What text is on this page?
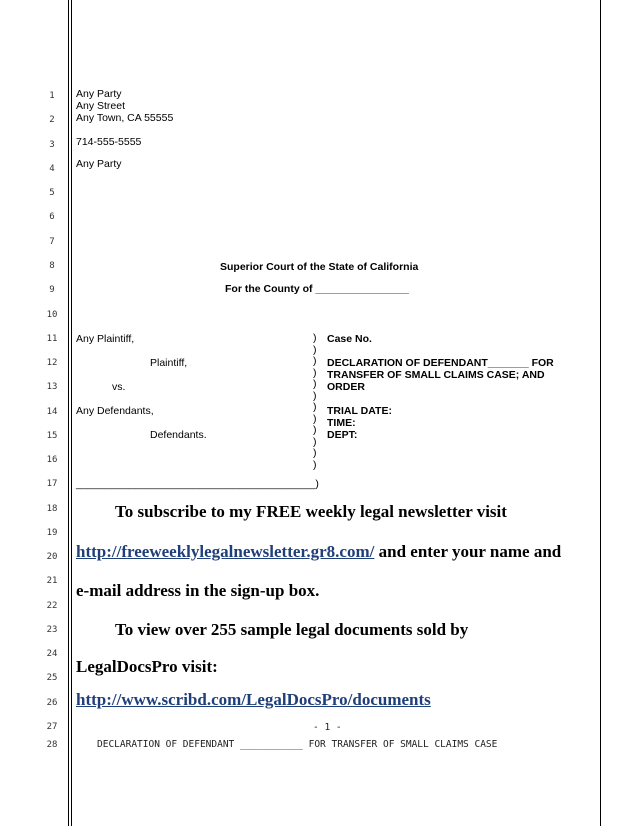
1
2
3
4
5
6
7
8
9
10
11
12
13
14
15
16
17
18
19
20
21
22
23
24
25
26
27
28
Any Party
Any Street
Any Town, CA 55555
714-555-5555
Any Party
Superior Court of the State of California
For the County of ________________
Any Plaintiff,
Plaintiff,
vs.
Any Defendants,
Defendants.
_________________________________________)
)
)
)
)
)
)
)
)
)
)
)
)
Case No.
DECLARATION OF DEFENDANT_______ FOR
TRANSFER OF SMALL CLAIMS CASE; AND
ORDER
TRIAL DATE:
TIME:
DEPT:
To subscribe to my FREE weekly legal newsletter visit
http://freeweeklylegalnewsletter.gr8.com/ and enter your name and
e-mail address in the sign-up box.
To view over 255 sample legal documents sold by
LegalDocsPro visit:
http://www.scribd.com/LegalDocsPro/documents
- 1 -
DECLARATION OF DEFENDANT ___________ FOR TRANSFER OF SMALL CLAIMS CASE
